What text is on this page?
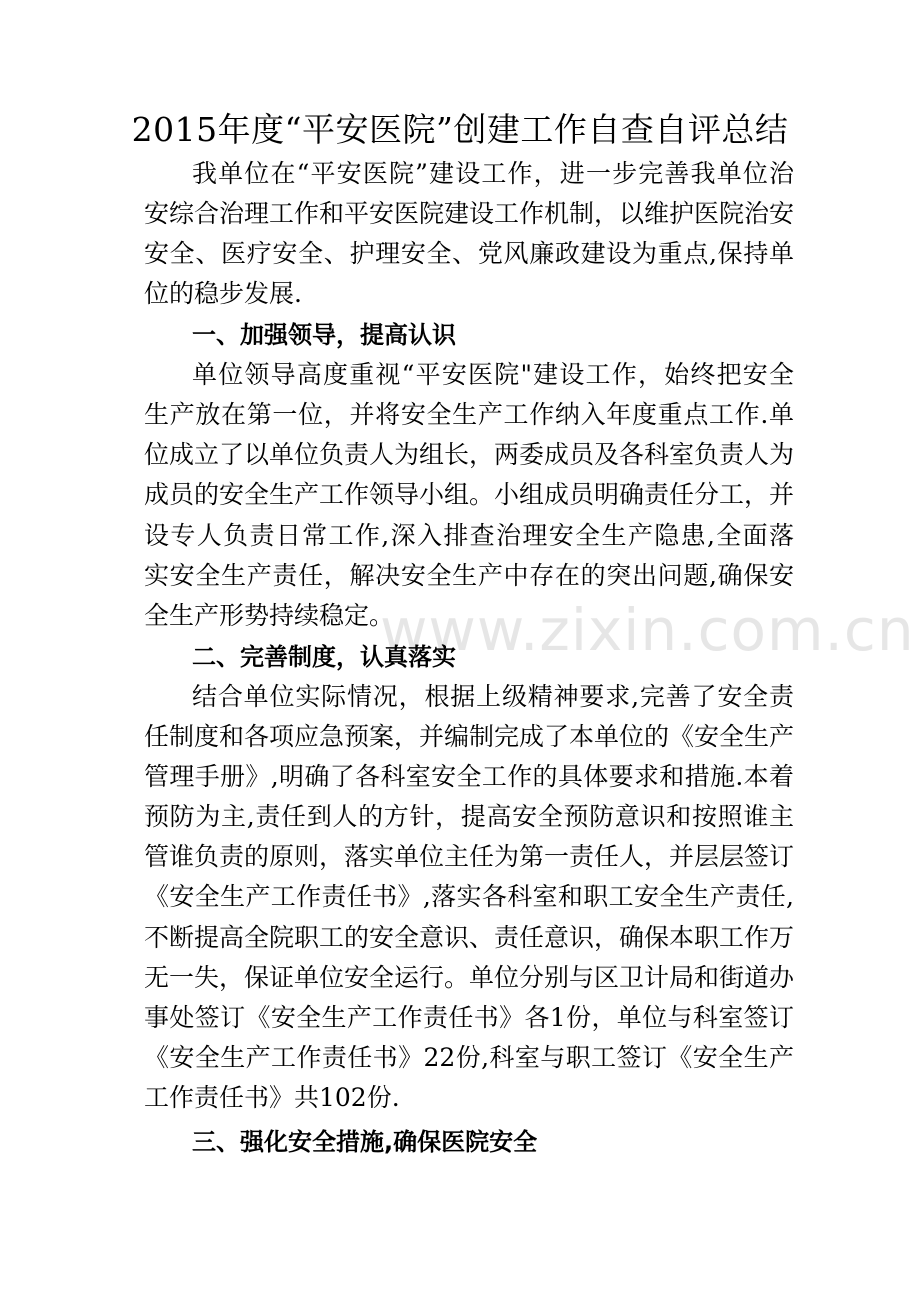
www.zixin.com.cn
2015年度“平安医院”创建工作自查自评总结
我单位在“平安医院”建设工作，进一步完善我单位治
安综合治理工作和平安医院建设工作机制，以维护医院治安
安全、医疗安全、护理安全、党风廉政建设为重点,保持单
位的稳步发展.
一、加强领导，提高认识
单位领导高度重视“平安医院"建设工作，始终把安全
生产放在第一位，并将安全生产工作纳入年度重点工作.单
位成立了以单位负责人为组长，两委成员及各科室负责人为
成员的安全生产工作领导小组。小组成员明确责任分工，并
设专人负责日常工作,深入排查治理安全生产隐患,全面落
实安全生产责任，解决安全生产中存在的突出问题,确保安
全生产形势持续稳定。
二、完善制度，认真落实
结合单位实际情况，根据上级精神要求,完善了安全责
任制度和各项应急预案，并编制完成了本单位的《安全生产
管理手册》,明确了各科室安全工作的具体要求和措施.本着
预防为主,责任到人的方针，提高安全预防意识和按照谁主
管谁负责的原则，落实单位主任为第一责任人，并层层签订
《安全生产工作责任书》,落实各科室和职工安全生产责任,
不断提高全院职工的安全意识、责任意识，确保本职工作万
无一失，保证单位安全运行。单位分别与区卫计局和街道办
事处签订《安全生产工作责任书》各1份，单位与科室签订
《安全生产工作责任书》22份,科室与职工签订《安全生产
工作责任书》共102份.
三、强化安全措施,确保医院安全
